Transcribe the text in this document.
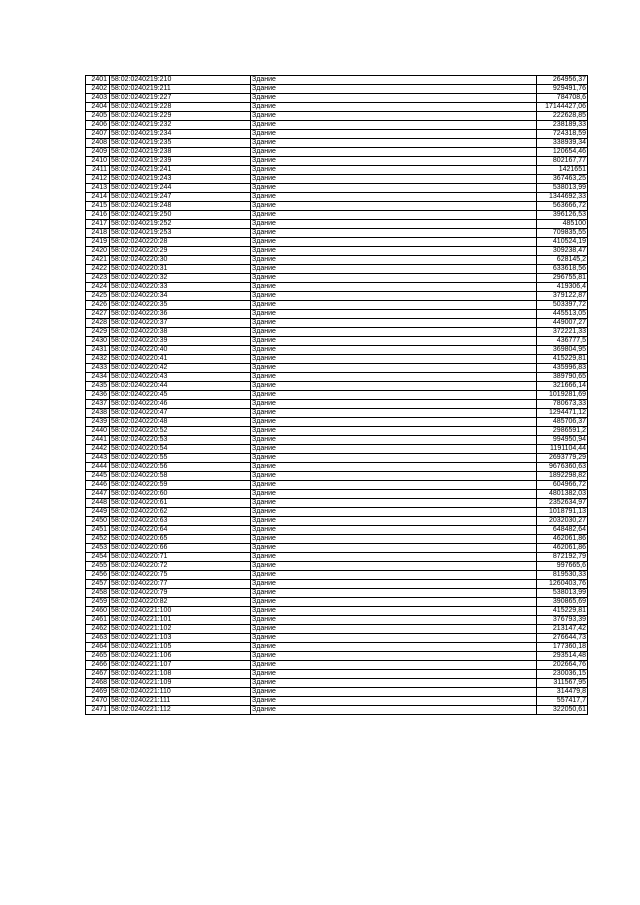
2401	58:02:0240219:210	Здание	264956,37
2402	58:02:0240219:211	Здание	929491,76
2403	58:02:0240219:227	Здание	784708,6
2404	58:02:0240219:228	Здание	17144427,06
2405	58:02:0240219:229	Здание	222628,85
2406	58:02:0240219:232	Здание	238189,33
2407	58:02:0240219:234	Здание	724318,59
2408	58:02:0240219:235	Здание	338939,34
2409	58:02:0240219:238	Здание	120654,46
2410	58:02:0240219:239	Здание	802167,77
2411	58:02:0240219:241	Здание	1421651
2412	58:02:0240219:243	Здание	367463,25
2413	58:02:0240219:244	Здание	538013,99
2414	58:02:0240219:247	Здание	1344692,33
2415	58:02:0240219:248	Здание	563666,72
2416	58:02:0240219:250	Здание	396126,53
2417	58:02:0240219:252	Здание	485100
2418	58:02:0240219:253	Здание	709835,55
2419	58:02:0240220:28	Здание	410524,19
2420	58:02:0240220:29	Здание	309238,47
2421	58:02:0240220:30	Здание	628145,2
2422	58:02:0240220:31	Здание	633618,56
2423	58:02:0240220:32	Здание	296755,81
2424	58:02:0240220:33	Здание	419306,4
2425	58:02:0240220:34	Здание	379122,87
2426	58:02:0240220:35	Здание	503397,72
2427	58:02:0240220:36	Здание	445513,05
2428	58:02:0240220:37	Здание	449007,27
2429	58:02:0240220:38	Здание	372221,33
2430	58:02:0240220:39	Здание	436777,5
2431	58:02:0240220:40	Здание	369804,95
2432	58:02:0240220:41	Здание	415229,81
2433	58:02:0240220:42	Здание	435996,83
2434	58:02:0240220:43	Здание	389790,65
2435	58:02:0240220:44	Здание	321666,14
2436	58:02:0240220:45	Здание	1019281,69
2437	58:02:0240220:46	Здание	780673,33
2438	58:02:0240220:47	Здание	1294471,12
2439	58:02:0240220:48	Здание	485706,37
2440	58:02:0240220:52	Здание	2986591,2
2441	58:02:0240220:53	Здание	994950,94
2442	58:02:0240220:54	Здание	1191104,44
2443	58:02:0240220:55	Здание	2693779,29
2444	58:02:0240220:56	Здание	9676360,63
2445	58:02:0240220:58	Здание	1892298,82
2446	58:02:0240220:59	Здание	604966,72
2447	58:02:0240220:60	Здание	4801382,03
2448	58:02:0240220:61	Здание	2352634,97
2449	58:02:0240220:62	Здание	1018791,13
2450	58:02:0240220:63	Здание	2032030,27
2451	58:02:0240220:64	Здание	648482,64
2452	58:02:0240220:65	Здание	462061,86
2453	58:02:0240220:66	Здание	462061,86
2454	58:02:0240220:71	Здание	872192,79
2455	58:02:0240220:72	Здание	997665,6
2456	58:02:0240220:75	Здание	819530,33
2457	58:02:0240220:77	Здание	1260403,76
2458	58:02:0240220:79	Здание	538013,99
2459	58:02:0240220:82	Здание	390865,69
2460	58:02:0240221:100	Здание	415229,81
2461	58:02:0240221:101	Здание	376793,39
2462	58:02:0240221:102	Здание	213147,42
2463	58:02:0240221:103	Здание	276644,73
2464	58:02:0240221:105	Здание	177360,18
2465	58:02:0240221:106	Здание	293514,48
2466	58:02:0240221:107	Здание	202664,76
2467	58:02:0240221:108	Здание	230036,15
2468	58:02:0240221:109	Здание	311567,95
2469	58:02:0240221:110	Здание	314479,8
2470	58:02:0240221:111	Здание	557417,7
2471	58:02:0240221:112	Здание	322050,61
